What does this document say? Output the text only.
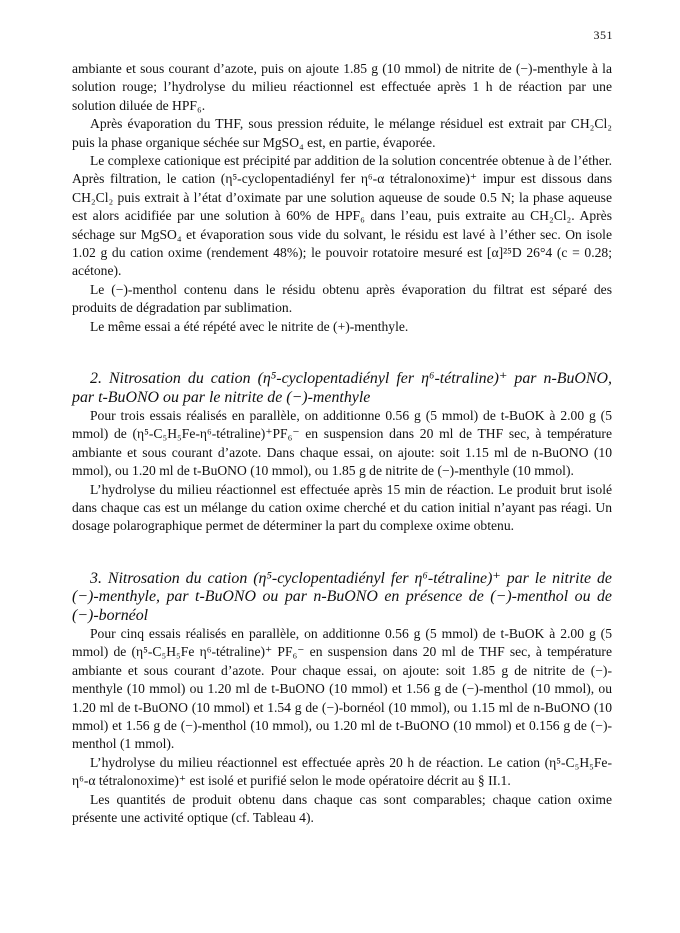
351

ambiante et sous courant d’azote, puis on ajoute 1.85 g (10 mmol) de nitrite de (−)-menthyle à la solution rouge; l’hydrolyse du milieu réactionnel est effectuée après 1 h de réaction par une solution diluée de HPF₆.

Après évaporation du THF, sous pression réduite, le mélange résiduel est extrait par CH₂Cl₂ puis la phase organique séchée sur MgSO₄ est, en partie, évaporée.

Le complexe cationique est précipité par addition de la solution concentrée obtenue à de l’éther. Après filtration, le cation (η⁵-cyclopentadiényl fer η⁶-α tétralonoxime)⁺ impur est dissous dans CH₂Cl₂ puis extrait à l’état d’oximate par une solution aqueuse de soude 0.5 N; la phase aqueuse est alors acidifiée par une solution à 60% de HPF₆ dans l’eau, puis extraite au CH₂Cl₂. Après séchage sur MgSO₄ et évaporation sous vide du solvant, le résidu est lavé à l’éther sec. On isole 1.02 g du cation oxime (rendement 48%); le pouvoir rotatoire mesuré est [α]²⁵D 26°4 (c = 0.28; acétone).

Le (−)-menthol contenu dans le résidu obtenu après évaporation du filtrat est séparé des produits de dégradation par sublimation.

Le même essai a été répété avec le nitrite de (+)-menthyle.

2. Nitrosation du cation (η⁵-cyclopentadiényl fer η⁶-tétraline)⁺ par n-BuONO, par t-BuONO ou par le nitrite de (−)-menthyle

Pour trois essais réalisés en parallèle, on additionne 0.56 g (5 mmol) de t-BuOK à 2.00 g (5 mmol) de (η⁵-C₅H₅Fe-η⁶-tétraline)⁺PF₆⁻ en suspension dans 20 ml de THF sec, à température ambiante et sous courant d’azote. Dans chaque essai, on ajoute: soit 1.15 ml de n-BuONO (10 mmol), ou 1.20 ml de t-BuONO (10 mmol), ou 1.85 g de nitrite de (−)-menthyle (10 mmol).

L’hydrolyse du milieu réactionnel est effectuée après 15 min de réaction. Le produit brut isolé dans chaque cas est un mélange du cation oxime cherché et du cation initial n’ayant pas réagi. Un dosage polarographique permet de déterminer la part du complexe oxime obtenu.

3. Nitrosation du cation (η⁵-cyclopentadiényl fer η⁶-tétraline)⁺ par le nitrite de (−)-menthyle, par t-BuONO ou par n-BuONO en présence de (−)-menthol ou de (−)-bornéol

Pour cinq essais réalisés en parallèle, on additionne 0.56 g (5 mmol) de t-BuOK à 2.00 g (5 mmol) de (η⁵-C₅H₅Fe η⁶-tétraline)⁺ PF₆⁻ en suspension dans 20 ml de THF sec, à température ambiante et sous courant d’azote. Pour chaque essai, on ajoute: soit 1.85 g de nitrite de (−)-menthyle (10 mmol) ou 1.20 ml de t-BuONO (10 mmol) et 1.56 g de (−)-menthol (10 mmol), ou 1.20 ml de t-BuONO (10 mmol) et 1.54 g de (−)-bornéol (10 mmol), ou 1.15 ml de n-BuONO (10 mmol) et 1.56 g de (−)-menthol (10 mmol), ou 1.20 ml de t-BuONO (10 mmol) et 0.156 g de (−)-menthol (1 mmol).

L’hydrolyse du milieu réactionnel est effectuée après 20 h de réaction. Le cation (η⁵-C₅H₅Fe-η⁶-α tétralonoxime)⁺ est isolé et purifié selon le mode opératoire décrit au § II.1.

Les quantités de produit obtenu dans chaque cas sont comparables; chaque cation oxime présente une activité optique (cf. Tableau 4).
